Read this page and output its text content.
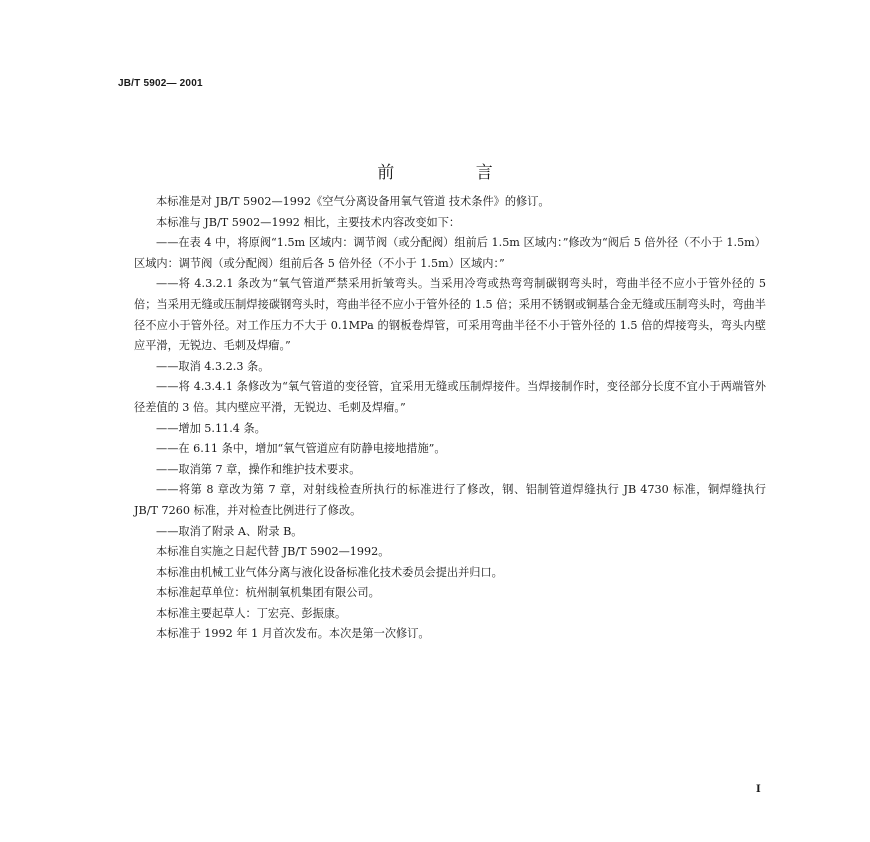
JB/T 5902— 2001
前 言

本标准是对 JB/T 5902—1992《空气分离设备用氧气管道 技术条件》的修订。

本标准与 JB/T 5902—1992 相比，主要技术内容改变如下：

——在表 4 中，将原阀“1.5m 区域内：调节阀（或分配阀）组前后 1.5m 区域内：”修改为“阀后 5 倍外径（不小于 1.5m）区域内：调节阀（或分配阀）组前后各 5 倍外径（不小于 1.5m）区域内：”

——将 4.3.2.1 条改为“氧气管道严禁采用折皱弯头。当采用冷弯或热弯弯制碳钢弯头时，弯曲半径不应小于管外径的 5 倍；当采用无缝或压制焊接碳钢弯头时，弯曲半径不应小于管外径的 1.5 倍；采用不锈钢或铜基合金无缝或压制弯头时，弯曲半径不应小于管外径。对工作压力不大于 0.1MPa 的钢板卷焊管，可采用弯曲半径不小于管外径的 1.5 倍的焊接弯头，弯头内壁应平滑，无锐边、毛刺及焊瘤。”

——取消 4.3.2.3 条。

——将 4.3.4.1 条修改为“氧气管道的变径管，宜采用无缝或压制焊接件。当焊接制作时，变径部分长度不宜小于两端管外径差值的 3 倍。其内壁应平滑，无锐边、毛刺及焊瘤。”

——增加 5.11.4 条。

——在 6.11 条中，增加“氧气管道应有防静电接地措施”。

——取消第 7 章，操作和维护技术要求。

——将第 8 章改为第 7 章，对射线检查所执行的标准进行了修改，钢、铝制管道焊缝执行 JB 4730 标准，铜焊缝执行 JB/T 7260 标准，并对检查比例进行了修改。

——取消了附录 A、附录 B。

本标准自实施之日起代替 JB/T 5902—1992。

本标准由机械工业气体分离与液化设备标准化技术委员会提出并归口。

本标准起草单位：杭州制氧机集团有限公司。

本标准主要起草人：丁宏亮、彭振康。

本标准于 1992 年 1 月首次发布。本次是第一次修订。

I
